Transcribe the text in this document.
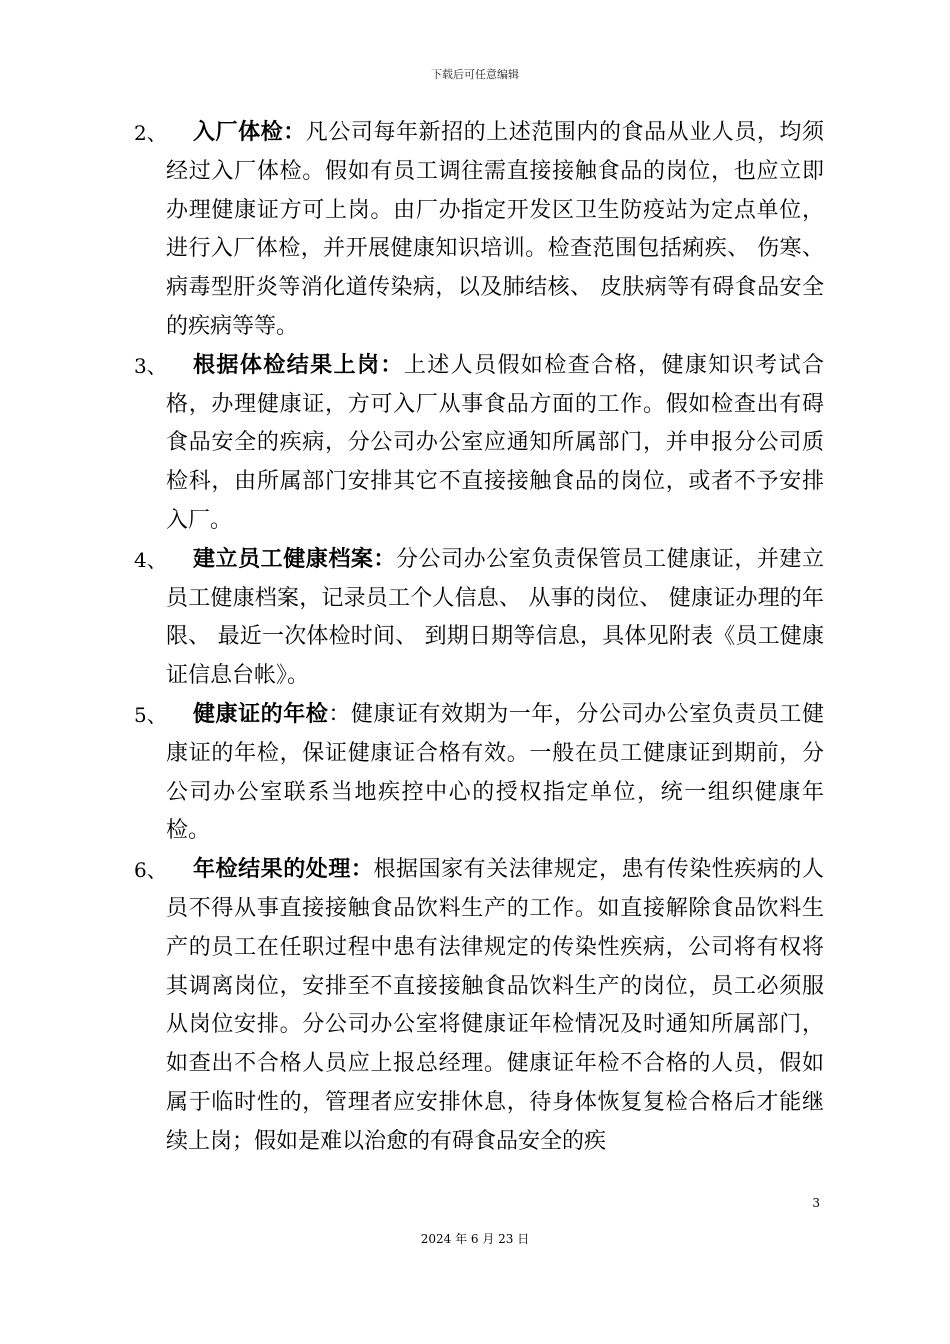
下载后可任意编辑
2、	入厂体检：凡公司每年新招的上述范围内的食品从业人员，均须经过入厂体检。假如有员工调往需直接接触食品的岗位，也应立即办理健康证方可上岗。由厂办指定开发区卫生防疫站为定点单位，进行入厂体检，并开展健康知识培训。检查范围包括痢疾、 伤寒、 病毒型肝炎等消化道传染病，以及肺结核、 皮肤病等有碍食品安全的疾病等等。
3、	根据体检结果上岗：上述人员假如检查合格，健康知识考试合格，办理健康证，方可入厂从事食品方面的工作。假如检查出有碍食品安全的疾病，分公司办公室应通知所属部门，并申报分公司质检科，由所属部门安排其它不直接接触食品的岗位，或者不予安排入厂。
4、	建立员工健康档案：分公司办公室负责保管员工健康证，并建立员工健康档案，记录员工个人信息、 从事的岗位、 健康证办理的年限、 最近一次体检时间、 到期日期等信息，具体见附表《员工健康证信息台帐》。
5、	健康证的年检：健康证有效期为一年，分公司办公室负责员工健康证的年检，保证健康证合格有效。一般在员工健康证到期前，分公司办公室联系当地疾控中心的授权指定单位，统一组织健康年检。
6、	年检结果的处理：根据国家有关法律规定，患有传染性疾病的人员不得从事直接接触食品饮料生产的工作。如直接解除食品饮料生产的员工在任职过程中患有法律规定的传染性疾病，公司将有权将其调离岗位，安排至不直接接触食品饮料生产的岗位，员工必须服从岗位安排。分公司办公室将健康证年检情况及时通知所属部门，如查出不合格人员应上报总经理。健康证年检不合格的人员，假如属于临时性的，管理者应安排休息，待身体恢复复检合格后才能继续上岗；假如是难以治愈的有碍食品安全的疾
3
2024 年 6 月 23 日
